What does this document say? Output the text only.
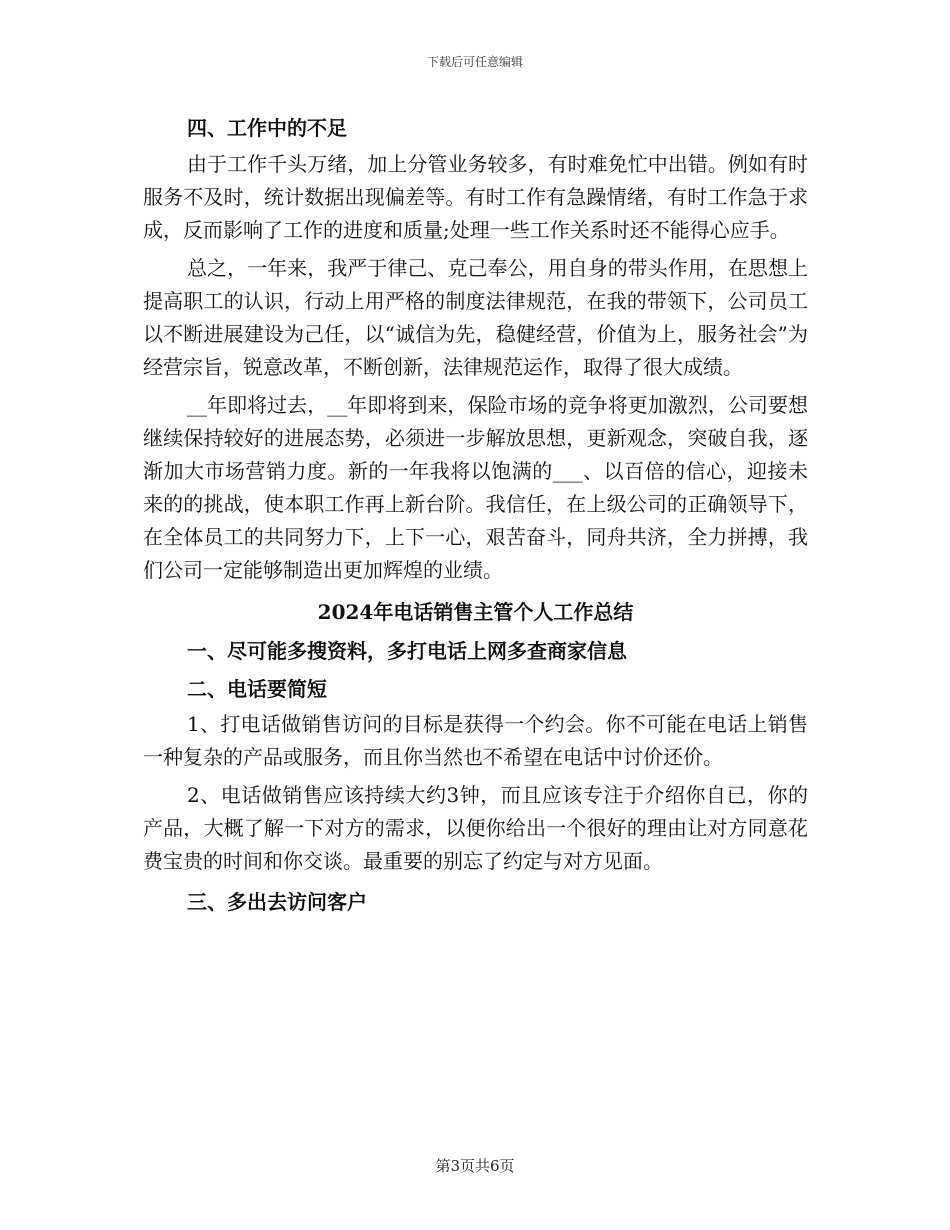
下载后可任意编辑

四、工作中的不足

由于工作千头万绪，加上分管业务较多，有时难免忙中出错。例如有时服务不及时，统计数据出现偏差等。有时工作有急躁情绪，有时工作急于求成，反而影响了工作的进度和质量;处理一些工作关系时还不能得心应手。

总之，一年来，我严于律己、克己奉公，用自身的带头作用，在思想上提高职工的认识，行动上用严格的制度法律规范，在我的带领下，公司员工以不断进展建设为己任，以“诚信为先，稳健经营，价值为上，服务社会”为经营宗旨，锐意改革，不断创新，法律规范运作，取得了很大成绩。

__年即将过去，__年即将到来，保险市场的竞争将更加激烈，公司要想继续保持较好的进展态势，必须进一步解放思想，更新观念，突破自我，逐渐加大市场营销力度。新的一年我将以饱满的___、以百倍的信心，迎接未来的的挑战，使本职工作再上新台阶。我信任，在上级公司的正确领导下，在全体员工的共同努力下，上下一心，艰苦奋斗，同舟共济，全力拼搏，我们公司一定能够制造出更加辉煌的业绩。

2024年电话销售主管个人工作总结

一、尽可能多搜资料，多打电话上网多查商家信息

二、电话要简短

1、打电话做销售访问的目标是获得一个约会。你不可能在电话上销售一种复杂的产品或服务，而且你当然也不希望在电话中讨价还价。

2、电话做销售应该持续大约3钟，而且应该专注于介绍你自已，你的产品，大概了解一下对方的需求，以便你给出一个很好的理由让对方同意花费宝贵的时间和你交谈。最重要的别忘了约定与对方见面。

三、多出去访问客户

第3页共6页
